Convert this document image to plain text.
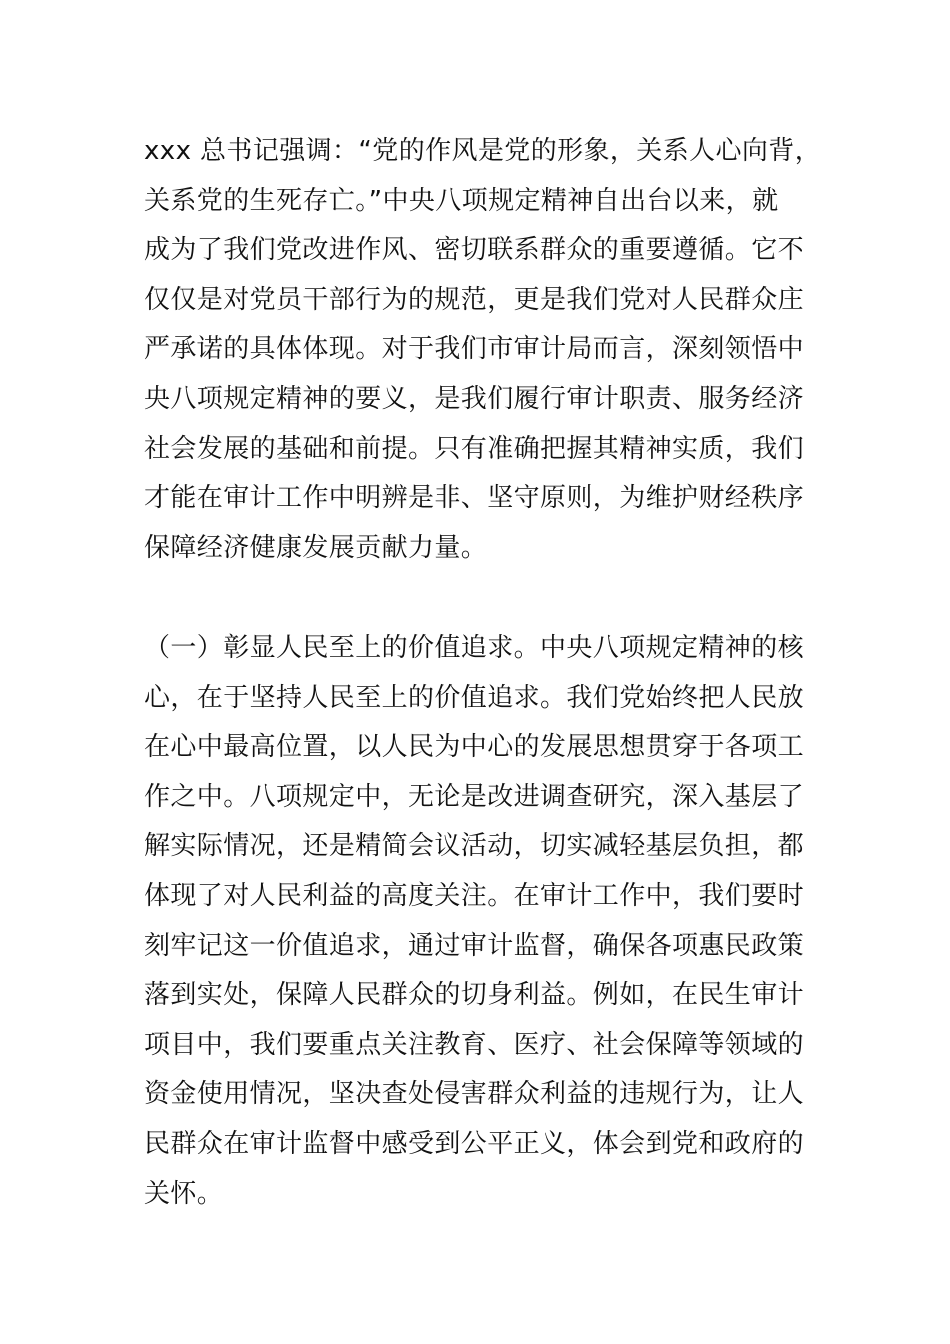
xxx 总书记强调：“党的作风是党的形象，关系人心向背，
关系党的生死存亡。”中央八项规定精神自出台以来，就
成为了我们党改进作风、密切联系群众的重要遵循。它不
仅仅是对党员干部行为的规范，更是我们党对人民群众庄
严承诺的具体体现。对于我们市审计局而言，深刻领悟中
央八项规定精神的要义，是我们履行审计职责、服务经济
社会发展的基础和前提。只有准确把握其精神实质，我们
才能在审计工作中明辨是非、坚守原则，为维护财经秩序
保障经济健康发展贡献力量。
（一）彰显人民至上的价值追求。中央八项规定精神的核
心，在于坚持人民至上的价值追求。我们党始终把人民放
在心中最高位置，以人民为中心的发展思想贯穿于各项工
作之中。八项规定中，无论是改进调查研究，深入基层了
解实际情况，还是精简会议活动，切实减轻基层负担，都
体现了对人民利益的高度关注。在审计工作中，我们要时
刻牢记这一价值追求，通过审计监督，确保各项惠民政策
落到实处，保障人民群众的切身利益。例如，在民生审计
项目中，我们要重点关注教育、医疗、社会保障等领域的
资金使用情况，坚决查处侵害群众利益的违规行为，让人
民群众在审计监督中感受到公平正义，体会到党和政府的
关怀。
